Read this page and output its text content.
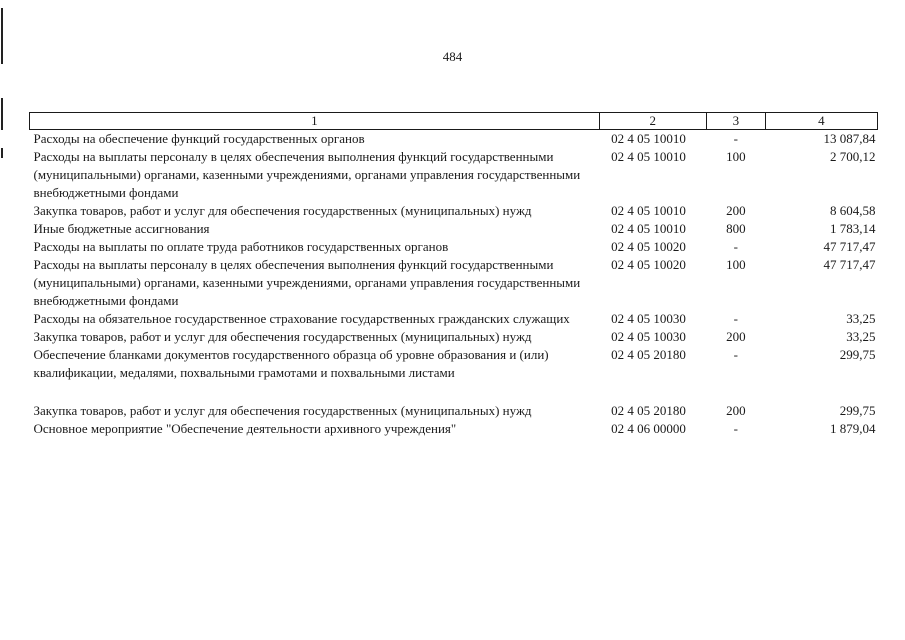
484
1	2	3	4
Расходы на обеспечение функций государственных органов	02 4 05 10010	-	13 087,84
Расходы на выплаты персоналу в целях обеспечения выполнения функций государственными (муниципальными) органами, казенными учреждениями, органами управления государственными внебюджетными фондами	02 4 05 10010	100	2 700,12
Закупка товаров, работ и услуг для обеспечения государственных (муниципальных) нужд	02 4 05 10010	200	8 604,58
Иные бюджетные ассигнования	02 4 05 10010	800	1 783,14
Расходы на выплаты по оплате труда работников государственных органов	02 4 05 10020	-	47 717,47
Расходы на выплаты персоналу в целях обеспечения выполнения функций государственными (муниципальными) органами, казенными учреждениями, органами управления государственными внебюджетными фондами	02 4 05 10020	100	47 717,47
Расходы на обязательное государственное страхование государственных гражданских служащих	02 4 05 10030	-	33,25
Закупка товаров, работ и услуг для обеспечения государственных (муниципальных) нужд	02 4 05 10030	200	33,25
Обеспечение бланками документов государственного образца об уровне образования и (или) квалификации, медалями, похвальными грамотами и похвальными листами	02 4 05 20180	-	299,75

Закупка товаров, работ и услуг для обеспечения государственных (муниципальных) нужд	02 4 05 20180	200	299,75
Основное мероприятие "Обеспечение деятельности архивного учреждения"	02 4 06 00000	-	1 879,04
